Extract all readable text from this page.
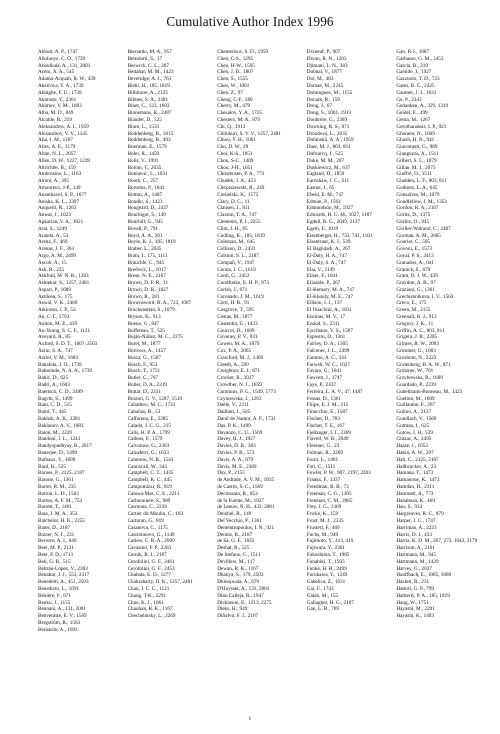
Cumulative Author Index 1996
Abbott, A. P., 1747
Abolunye, C. O., 1739
Aboulkaia, A., 131, 2001
Aceto, A. A., 545
Adama-Acquah, R. W., 439
Aken'ova, Y. A., 1739
Akhighe, F. U., 1739
Akimoto, Y., 2361
Akimov, V. M., 1683
Alba, M. D., 849
Alcalde, R., 219
Aleksandrov, A. I., 1959
Alexandrov, V. V., 1345
Alia, J. M., 1187
Aliev, A. E., 2179
Allan, N. L., 2057
Allen, D. W., 1227, 1239
Altrichter, B., 159
Ambrosino, L., 1163
Amini, A., 395
Amoureux, J-P., 149
Ananthavel, S. P., 1677
Anisha, K. L., 2397
Anquetil, R., 1263
Anwar, J., 1023
Apkarian, V. A., 1821
Arai, S., 1249
Aranda, A., 53
Arena, F., 469
Arenas, J. F., 363
Argo, A. M., 2499
Ascoli, A., 15
Ash, R., 235
Ashfold, M. N. R., 1283
Ashtekar, S., 1257, 2481
Aspari, P., 1689
Astilean, S., 175
Aswal, V. K., 2469
Atkinson, J. P., 53
Au, C-T., 1793
Aulton, M. E., 439
Au-Yeung, S. C. F., 1121
Aveyard, R., 85
Axford, S. D. T., 1007, 2503
Azim, S. A., 747
Azriel, V. M., 1683
Babalola, J. O., 1739
Babarinde, N. A. A., 1739
Babić, D., 625
Badri, A., 1603
Baertsch, C. D., 2499
Bagchi, S., 1499
Bain, C. D., 515
Baird, T., 445
Bakhsh, A. K., 2281
Baklanov, A. V., 1683
Balón, M., 2239
Bandoni, J. L., 1243
Bandyopadhyay, R., 2017
Banerjee, D., 1499
Barbaux, Y., 1609
Bard, B., 525
Barnes, P., 2125, 2187
Barone, G., 1361
Barrer, R. M., 235
Barron, L. D., 1503
Barton, A. F. M., 753
Barrett, T., 1401
Bass, J. M. A., 353
Batchelor, H. K., 2255
Bates, D., 2187
Baxter, N. J., 231
Becerro, A. I., 849
Beer, M. P., 2131
Beer, P. D., 1713
Bell, G. R., 515
Beltrán-López, V., 2303
Benattar, J. J., 553, 2317
Benedetti, A., 451, 2503
Benedicto, L., 1691
Bénière, F., 671
Benko, J., 1155
Bennani, A., 131, 2001
Benveniste, E. V., 1569
Bergström, R., 1563
Bernardo, A., 1693
Bernardo, M. A., 957
Bertolotti, S., 17
Beswick, C. L., 207
Bettahar, M. M., 1423
Beveridge, A. J., 763
Biehl, H., 185, 1819
Billimore, A., 2125
Bilmes, S. A., 2381
Binet, C., 123, 1603
Binnemans, K., 2487
Blauder, D., 525
Blum, L., 1533
Boddenberg, B., 1815
Boddenberg, B., 493
Boerman, E., 1579
Bohn, R., 1459
Bolis, V., 1991
Bolom, T., 2035
Bonnevic, L., 1031
Booth, C., 257
Bortolus, P., 1841
Botton, A., 1487
Boudin, S., 1423
Bougeard, D., 2437
Bourbigot, S., 149
Bourhill, G., 945
Bovall, P., 791
Boyd, A. A., 201
Boyle, K. J., 185, 1819
Braber, L., 2035
Bratu, I., 175, 1111
Bräuchle, C., 945
Brečević, L., 1017
Brese, N. E., 2167
Brown, D. F. R., 11
Brown, D. R., 1027
Brown, R., 281
Brownsword, R. A., 723, 1087
Bruckenstein, S., 1079
Bryson, K., 913
Bueno, G., 847
Buffeteau, T., 525
Buján-Núñez, M. C., 2275
Burel, M., 1877
Burrows, A., 1457
Busca, G., 1587
Busch, F., 953
Busch, T., 1751
Butler, C., 707
Butler, D. A., 2319
Buttar, D., 2331
Buxton, G. V., 1287, 1519
Caballero, M. C., 1731
Cabañas, B., 53
Caffarena, E., 2285
Calado, J. C. G., 215
Calis, H. P. A., 1799
Callens, F., 1579
Calvaruso, G., 2363
Calzaferri, G., 1633
Cameron, N. R., 1543
Camiscali, W., 343
Campbell, C. T., 1435
Campbell, K. C., 445
Campomizzi, R., 819
Canosa-Mas, C. E., 2211
Carbonniere, S., 989
Carmona, C., 2239
Cartier dit Moulin, C., 103
Carturan, G., 819
Casanova, C., 1175
Castronuovo, G., 1149
Catlow, C. R. A., 2009
Cavasino, F. P., 2263
Cernik, R. J., 2187
Cerofolini, G. F., 2461
Cerofolini, G. F., 2453
Chabala, E. D., 1277
Chakrabarty, D. K., 1257, 2481
Chan, J. C. C., 1121
Chang, T-K., 2291
Chao, K. J., 1061
Chauhan, R. K., 1167
Chechelnisky, L., 2269
Chemerisov, S. D., 1959
Chen, C-S., 1295
Chen, H-W., 1595
Chen, J. D., 1807
Chen, S., 1555
Chen, W., 1001
Chen, Z., 97
Cheng, C-F., 289
Cherry, M., 479
Chesalov, Y. A., 1725
Chesters, M. A., 879
Chi, Q., 1913
Chilukuri, S. V. V., 1257, 2481
Chiou, Y. H., 1061
Cho, D. W., 29
Choi, K-S., 1051
Chou, S-C., 1409
Chou, J-H., 1051
Christensen, P. A., 773
Chudek, J. A., 453
Cierpiszewski, R., 249
Cieśielski, K., 1573
Clary, D. C., 11
Clausen, J., 811
Claxton, T. A., 747
Clements, P. J., 2255
Clint, J. H., 85
Codling, K., 185, 1819
Coleman, M., 645
Collison, D., 2431
Colston, S. L., 2187
Compañ, V., 1947
Conna, J. C., 1619
Conti, G., 2453
Coodfunke, E. H. P., 973
Corish, J., 671
Coronado, J. M., 1619
Corti, H. R., 91
Cosgrove, T., 595
Costas, M., 1877
Costentin, G., 1423
Courcot, D., 1609
Coveney, P. V., 831
Cowen, M. A., 1079
Cox, P. A., 2065
Crawford, M. J., 1369
Creeth, A., 599
Creighton, E. J., 871
Crocker, R., 2027
Crowther, N. J., 1859
Cummins, P. G., 1549, 1773
Czyniewska, J., 1263
Daële, V., 2211
Daillant, J., 505
Danil de Namor, A. F., 1731
Das, P. K., 1499
Davanzo, C. U., 1569
Davey, R. J., 1927
Davies, D. B., 383
Davies, P. B., 573
Davis, A. A., 879
Davis, M. E., 2369
Day, P., 2155
de Andrade, A. V. M., 1835
de Castro, S. C., 1569
Decressain, R., 853
de la Fuente, M., 1927
de Leeuw, N. H., 433, 2081
Delobel, R., 149
Del Vecchio, P., 1361
Dementropoulos, I. N., 921
Dennis, R., 2187
de Sá, G. F., 1835
Deshat, B., 525
De Stefano, C., 1511
Devillers, M., 117
Dewan, R. K., 1167
Dhanya, S., 179, 2503
Dhinojwala, A., 679
D'Huysser, A., 131, 2001
Díaz-Calleja, R., 1947
Dickinson, E., 1213, 2275
Dieks, H., 949
DiSalvo, F. J., 2167
Dixneuf, P., 907
Dixon, R. N., 1283
Djimani, L. N., 383
Dobnal, V., 1877
Doi, M., 483
Domae, M., 2245
Dominguez, M., 1155
Donath, R., 159
Dong, J., 67
Dong, S., 1001, 1913
Doubrère, G., 2369
Downing, R. S., 871
Drozdová, L., 2035
Dubinskii, A. A., 1959
Duer, M. J., 803, 811
Dufourcq, J., 525
Duke, M. M., 207
Duskiewicz, M., 637
Eagland, D., 1859
Earnshaw, J. C., 611
Eastoe, J., 65
Ebeid, E. M., 747
Edman, P., 1563
Edmondson, M., 1927
Edwards, H. G. M., 1027, 1187
Egdell, R. G., 2049, 2137
Egeth, F., 1039
Eisenberger, H., 733, 741, 1101
Eisentraut, K. J., 539
El Baghdadi, A., 267
El-Daly, H. A., 747
El-Daly, S. A., 747
Elia, V., 1149
Elisei, F., 1841
Elizalde, P., 267
El-Kemary, M. A., 747
El-Khouly, M. E., 747
Ellison, I. J., 137
El Ouachini, A., 1831
Encinas, M. V., 17
Endod, S., 2311
Escribano, V. S., 1587
Esposito, D., 1361
Fairley, D. A., 1305
Falconer, J. L., 2499
Fantoni, A. C., 343
Farwell, W. C., 1027
Favaro, G., 1841
Fawcett, J., 1747
Faye, P., 2437
Ferreira, L. A. V., 47, 1487
Fessas, D., 1361
Filipe, E. J. M., 215
Finocchio, E., 1587
Fischer, D., 783
Fischer, T. E., 167
Fjellanger, I. J., 2369
Flavell, W. R., 2049
Flessner, G., 23
Folman, R., 2269
Forni, L., 1401
Foti, C., 1511
Fowler, P. W., 907, 2197, 2203
Franks, F., 1337
Freedman, R. B., 73
Freeman, C. G., 1305
Freeman, C. M., 2065
Frey, J. G., 1369
Fricke, K., 159
Frost, M. J., 2335
Frustert, F., 469
Fuchs, M., 949
Fujimoto, Y., 413, 419
Fujiwara, Y., 2361
Fukushima, T., 1985
Funabiki, T., 1935
Funke, H. H., 2499
Furukawa, Y., 1249
Gabelica, Z., 1031
Gai, F., 1743
Galán, M., 155
Gallagher, H. G., 2107
Gan, L. B., 769
Gao, R-J., 1887
Garbasso, G. M., 2453
Garcia, B., 219
Garside, J., 1927
Gazzuolo, T. D., 723
Gates, B. C., 2425
Gaumet, J. J., 1831
Ge, P., 2343
Gedanken, A., 329, 1319
Geidel, E., 499
Genta, M., 1267
Gerothanassis, I. P., 921
Ghonem, N., 1609
Ghosh, H. N., 941
Giacometti, G., 989
Gianguzza, A., 1511
Gilbert, S. L., 1079
Gillan, M. J., 2075
Giuffrè, O., 1511
Gladden, L. F., 803, 811
Godinez, L. A., 645
Gonsalves, M., 1079
Goodfellow, J. M., 1353
Gordon, R. A., 2167
Göritz, D., 1375
Görlitz, O., 945
Görller-Walrand, C., 2487
Gorman, A. M., 2065
Gourier, C., 505
Govoni, E., 1573
Goyal, P. S., 2413
Granados, A., 641
Granick, S., 679
Grant, D. J. W., 439
Graydon, A. R., 97
Graziani, G., 1361
Grechishnikova, I. V., 1563
Greco, E., 175
Green, M., 2155
Greenall, R. J., 913
Gregory, J. K., 11
Griffin, A. C., 803, 811
Grigera, J. R., 2285
Grimes, R. W., 2093
Grimmer, G., 1083
Grosbom, N., 2223
Grotenberg, B. A. W., 871
Grötzner, W., 701
Grzybowska, B., 1609
Guardado, P., 2239
Gubelmann-Bonneau, M., 1423
Guelton, M., 1609
Guillaume, F., 267
Gulino, A., 2137
Gundlach, V., 1569
Gutman, I., 625
Gutow, J. H., 539
Gutzac, A., 2495
Haase, J., 1653
Hakin, A. W., 207
Hall, C., 2125, 2187
Hallbrucker, A., 23
Hamana, T., 1473
Hamanoue, K., 1473
Hamdan, H., 2311
Hammett, A., 773
Hanabusa, K., 469
Hao, S., 933
Hargreaves, R. C., 879
Harper, J. C., 1747
Harriman, A., 2223
Harris, D. J., 433
Harris, K. D. M., 267, 273, 1043, 2179
Harrison, A., 2161
Hartmann, M., 945
Hartmann, M., 1429
Harvey, G., 2027
Hauffbach, E., 1085, 1689
Hazlett, R., 231
Hattori, G. P., 799
Hatherly, P. A., 185, 1819
Haug, W., 1751
Hayashi, M., 2291
Hayashi, K., 1493
i
